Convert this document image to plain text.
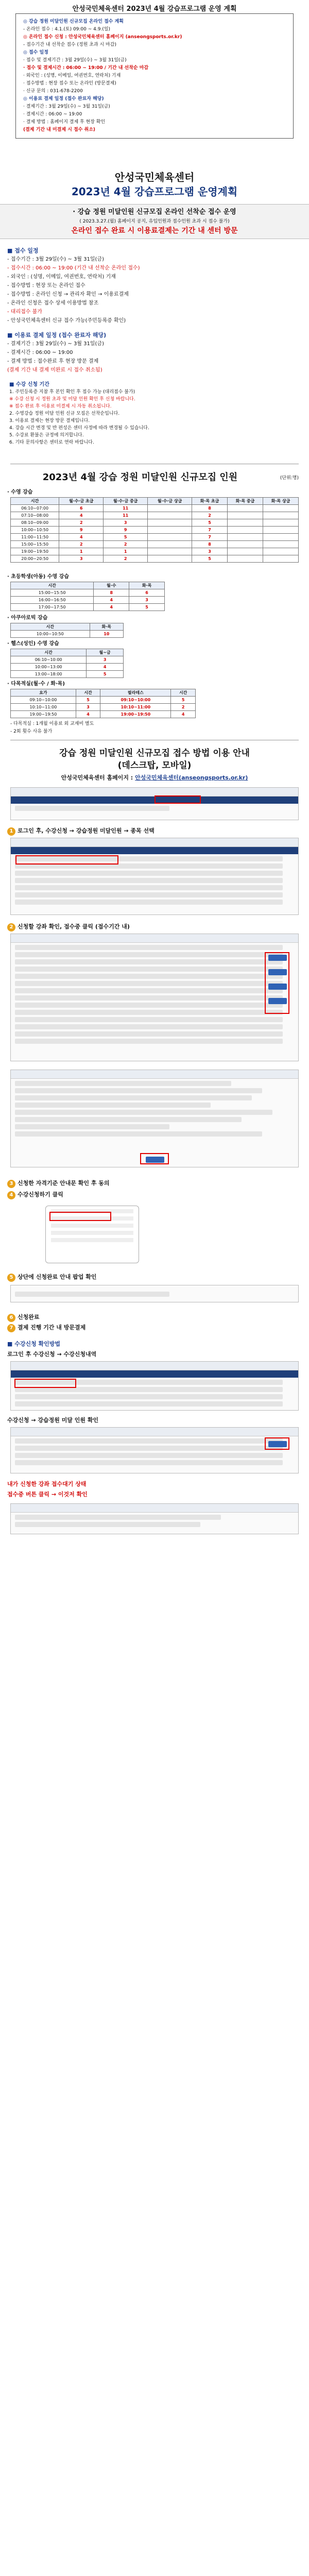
안성국민체육센터 2023년 4월 강습프로그램 운영 계획
◎ 강습 정원 미달인원 신규모집 온라인 접수 계획
- 온라인 접수 : 4.1.(토) 09:00 ~ 4.9.(일)
◎ 온라인 접수 신청 : 안성국민체육센터 홈페이지 (anseongsports.or.kr)
- 접수기간 내 선착순 접수 (정원 초과 시 마감)
◎ 접수 일정
· 접수 및 결제기간 : 3월 29일(수) ~ 3월 31일(금)
· 접수 및 결제시간 : 06:00 ~ 19:00 / 기간 내 선착순 마감
· 외국인 : (성명, 이메일, 여권번호, 연락처) 기재
· 접수방법 : 현장 접수 또는 온라인 (방문결제)
· 신규 문의 : 031-678-2200
◎ 이용료 결제 일정 (접수 완료자 해당)
· 결제기간 : 3월 29일(수) ~ 3월 31일(금)
· 결제시간 : 06:00 ~ 19:00
· 결제 방법 : 홈페이지 결제 후 현장 확인
(결제 기간 내 미결제 시 접수 취소)
안성국민체육센터
2023년 4월 강습프로그램 운영계획
· 강습 정원 미달인원 신규모집 온라인 선착순 접수 운영
( 2023.3.27.(월) 홈페이지 공지, 유입인원과 접수인원 초과 시 접수 불가)
온라인 접수 완료 시 이용료결제는 기간 내 센터 방문
■ 접수 일정
- 접수기간 : 3월 29일(수) ~ 3월 31일(금)
- 접수시간 : 06:00 ~ 19:00 (기간 내 선착순 온라인 접수)
- 외국인 : (성명, 이메일, 여권번호, 연락처) 기재
- 접수방법 : 현장 또는 온라인 접수
- 접수방법 : 온라인 신청 → 관리자 확인 → 이용료결제
- 온라인 신청은 접수 상세 이용방법 참조
- 대리접수 불가
- 안성국민체육센터 신규 접수 가능(주민등록증 확인)
■ 이용료 결제 일정 (접수 완료자 해당)
- 결제기간 : 3월 29일(수) ~ 3월 31일(금)
- 결제시간 : 06:00 ~ 19:00
- 결제 방법 : 접수완료 후 현장 방문 결제
(결제 기간 내 결제 미완료 시 접수 취소됨)
■ 수강 신청 기간
1. 주민등록증 지참 후 본인 확인 후 접수 가능 (대리접수 불가)
※ 수강 신청 시 정원 초과 및 미달 인원 확인 후 신청 바랍니다.
※ 접수 완료 후 이용료 미결제 시 자동 취소됩니다.
2. 수영강습 정원 미달 인원 신규 모집은 선착순입니다.
3. 이용료 결제는 현장 방문 결제입니다.
4. 강습 시간 변경 및 반 편성은 센터 사정에 따라 변경될 수 있습니다.
5. 수강료 환불은 규정에 의거합니다.
6. 기타 문의사항은 센터로 연락 바랍니다.
2023년 4월 강습 정원 미달인원 신규모집 인원	(단위:명)
· 수영 강습
시간	월·수·금 초급	월·수·금 중급	월·수·금 상급	화·목 초급	화·목 중급	화·목 상급
06:10~07:00	6	11		8		
07:10~08:00	4	11		2		
08:10~09:00	2	3		5		
10:00~10:50	9	9		7		
11:00~11:50	4	5		7		
15:00~15:50	2	2		8		
19:00~19:50	1	1		3		
20:00~20:50	3	2		5		
· 초등학생(아동) 수영 강습
시간	월·수	화·목
15:00~15:50	8	6
16:00~16:50	4	3
17:00~17:50	4	5
· 아쿠아로빅 강습
시간	화·목
10:00~10:50	10
· 헬스(성인) 수영 강습
시간	월~금
06:10~10:00	3
10:00~13:00	4
13:00~18:00	5
· 다목적실(월·수 / 화·목)
요가	시간	필라테스	시간
09:10~10:00	5	09:10~10:00	5
10:10~11:00	3	10:10~11:00	2
19:00~19:50	4	19:00~19:50	4
- 다목적실 : 1개월 이용료 외 교재비 별도
- 2회 횟수 사유 불가
강습 정원 미달인원 신규모집 접수 방법 이용 안내
(데스크탑, 모바일)
안성국민체육센터 홈페이지 : 안성국민체육센터(anseongsports.or.kr)
1 로그인 후, 수강신청 → 강습정원 미달인원 → 종목 선택
2 신청할 강좌 확인, 접수중 클릭 (접수기간 내)
3 신청한 자격기준 안내문 확인 후 동의
4 수강신청하기 클릭
5 상단에 신청완료 안내 팝업 확인
6 신청완료
7 결제 진행 기간 내 방문결제
■ 수강신청 확인방법
로그인 후 수강신청 → 수강신청내역
수강신청 → 강습정원 미달 인원 확인
내가 신청한 강좌 접수대기 상태
접수중 버튼 클릭 → 이것저 확인
